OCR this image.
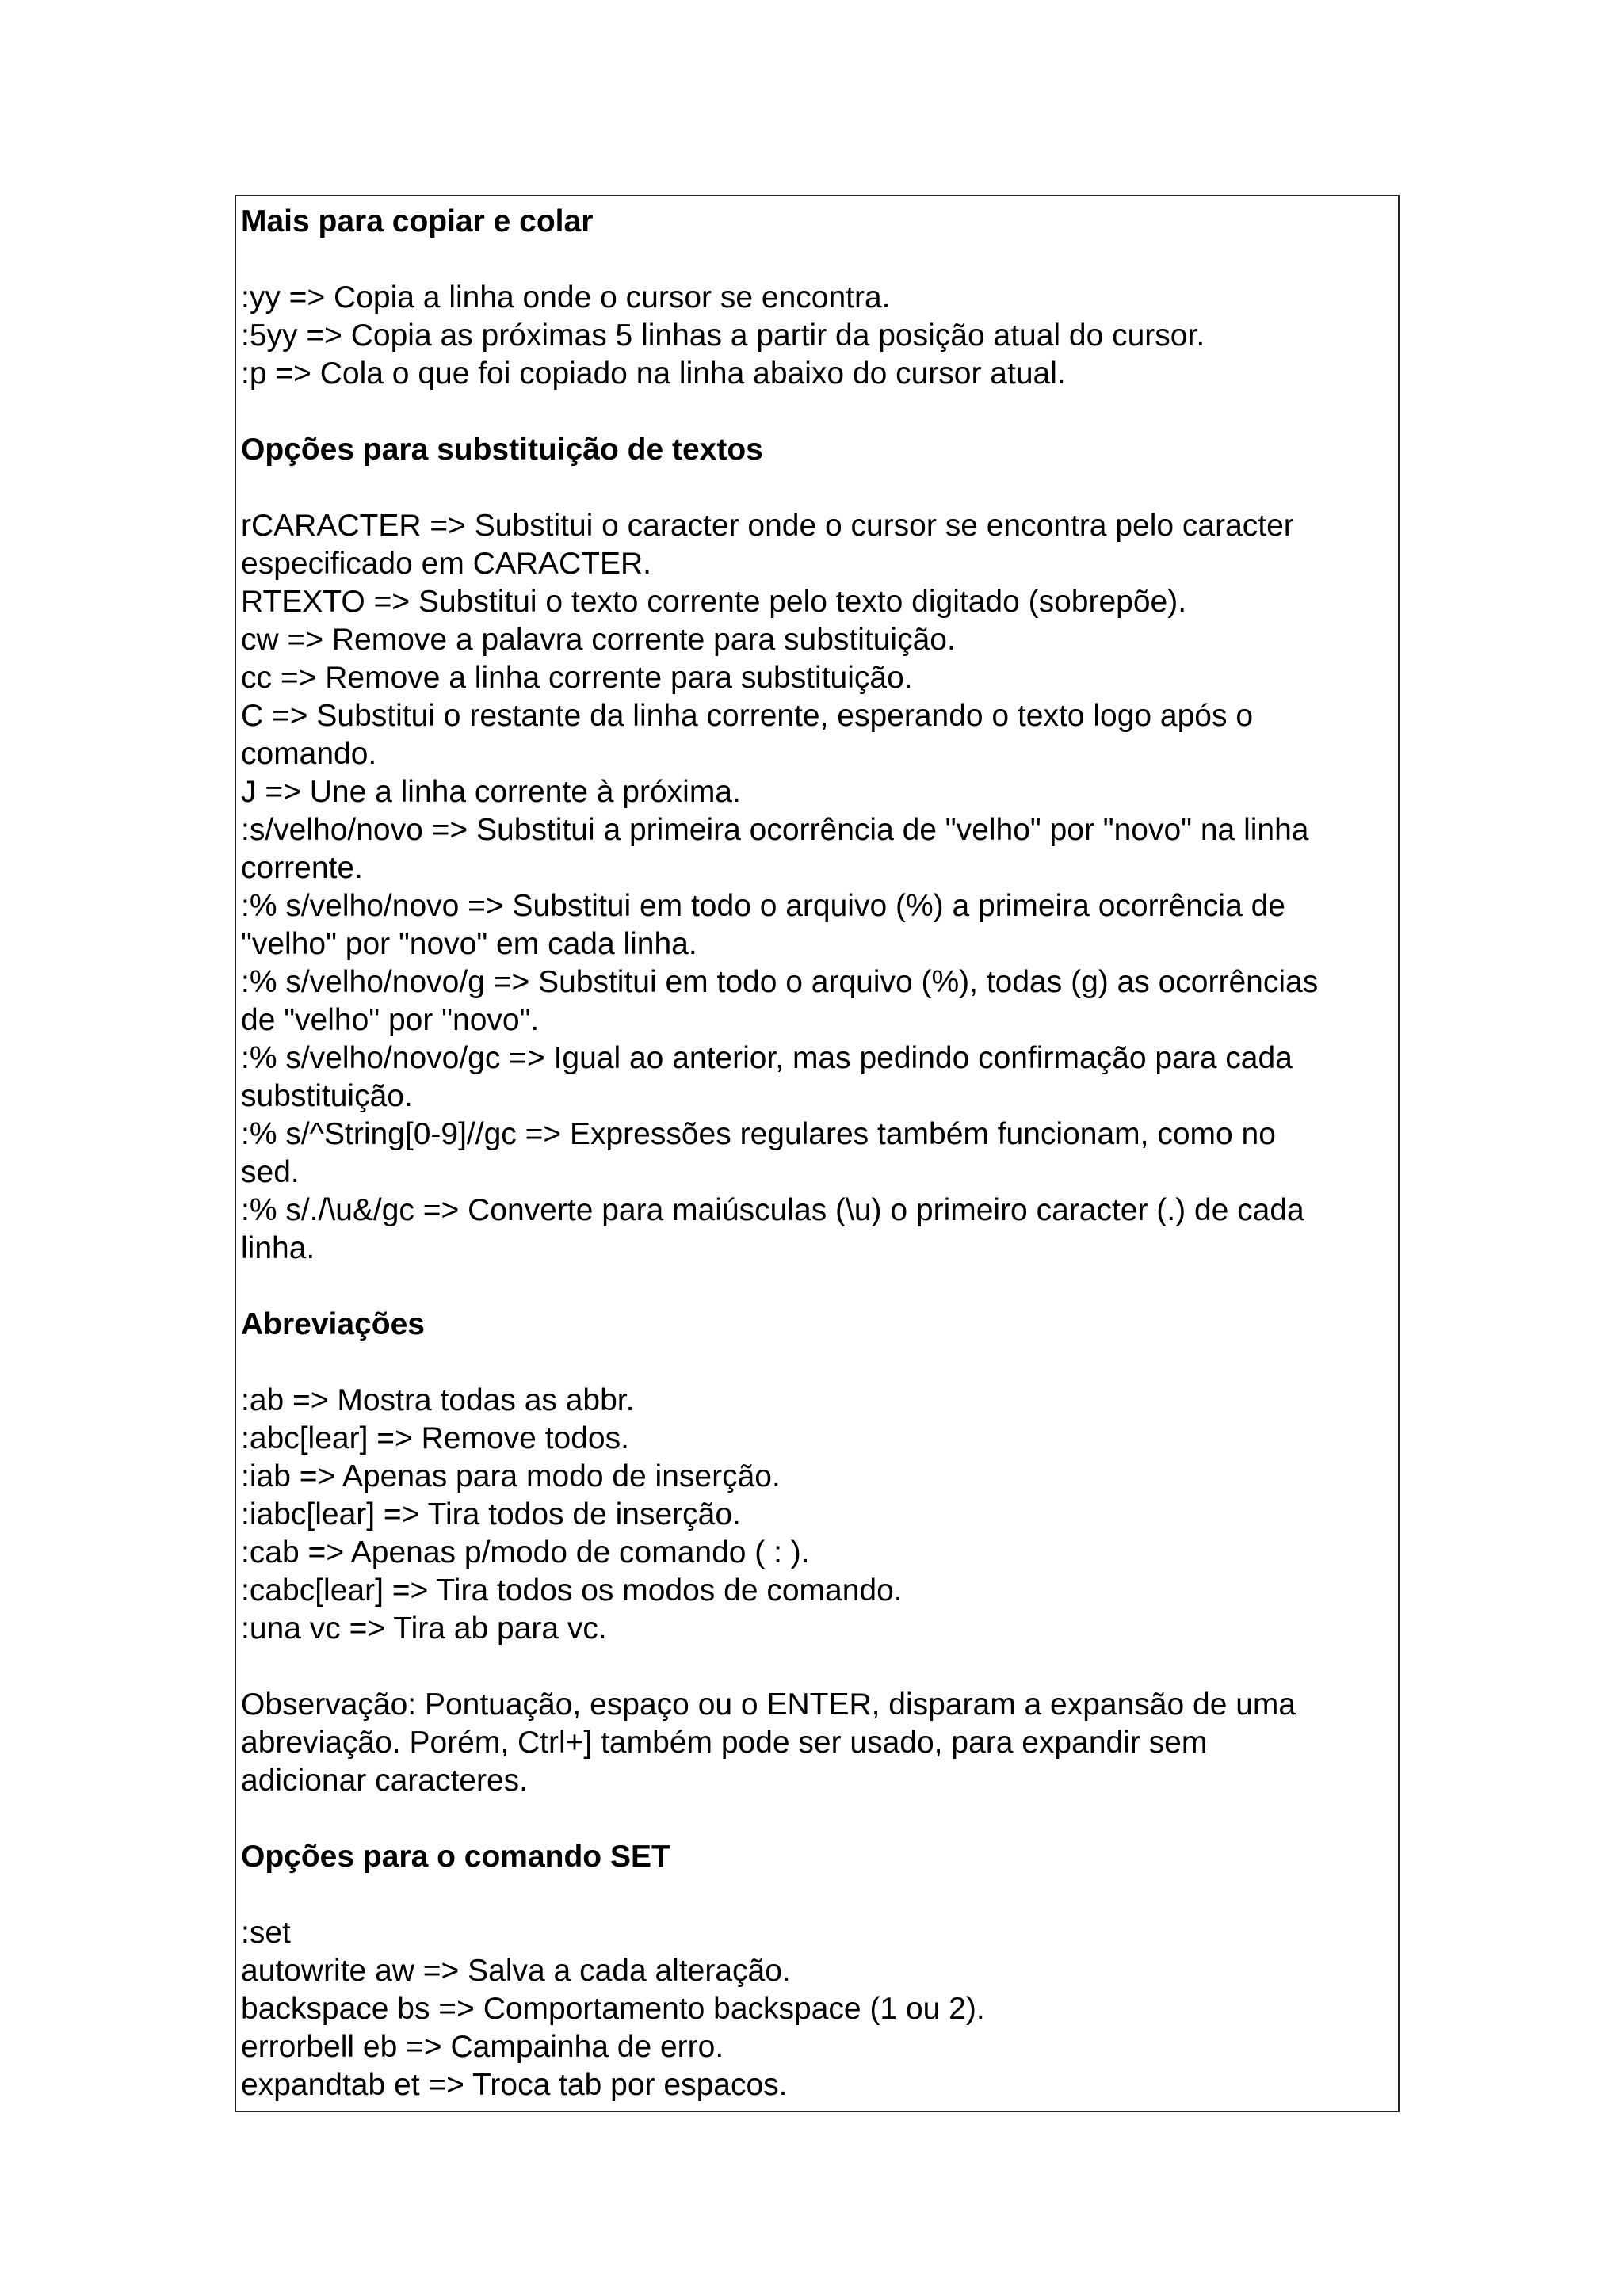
Mais para copiar e colar
:yy => Copia a linha onde o cursor se encontra.
:5yy => Copia as próximas 5 linhas a partir da posição atual do cursor.
:p => Cola o que foi copiado na linha abaixo do cursor atual.
Opções para substituição de textos
rCARACTER => Substitui o caracter onde o cursor se encontra pelo caracter
especificado em CARACTER.
RTEXTO => Substitui o texto corrente pelo texto digitado (sobrepõe).
cw => Remove a palavra corrente para substituição.
cc => Remove a linha corrente para substituição.
C => Substitui o restante da linha corrente, esperando o texto logo após o
comando.
J => Une a linha corrente à próxima.
:s/velho/novo => Substitui a primeira ocorrência de "velho" por "novo" na linha
corrente.
:% s/velho/novo => Substitui em todo o arquivo (%) a primeira ocorrência de
"velho" por "novo" em cada linha.
:% s/velho/novo/g => Substitui em todo o arquivo (%), todas (g) as ocorrências
de "velho" por "novo".
:% s/velho/novo/gc => Igual ao anterior, mas pedindo confirmação para cada
substituição.
:% s/^String[0-9]//gc => Expressões regulares também funcionam, como no
sed.
:% s/./\u&/gc => Converte para maiúsculas (\u) o primeiro caracter (.) de cada
linha.
Abreviações
:ab => Mostra todas as abbr.
:abc[lear] => Remove todos.
:iab => Apenas para modo de inserção.
:iabc[lear] => Tira todos de inserção.
:cab => Apenas p/modo de comando ( : ).
:cabc[lear] => Tira todos os modos de comando.
:una vc => Tira ab para vc.
Observação: Pontuação, espaço ou o ENTER, disparam a expansão de uma
abreviação. Porém, Ctrl+] também pode ser usado, para expandir sem
adicionar caracteres.
Opções para o comando SET
:set
autowrite aw => Salva a cada alteração.
backspace bs => Comportamento backspace (1 ou 2).
errorbell eb => Campainha de erro.
expandtab et => Troca tab por espacos.
